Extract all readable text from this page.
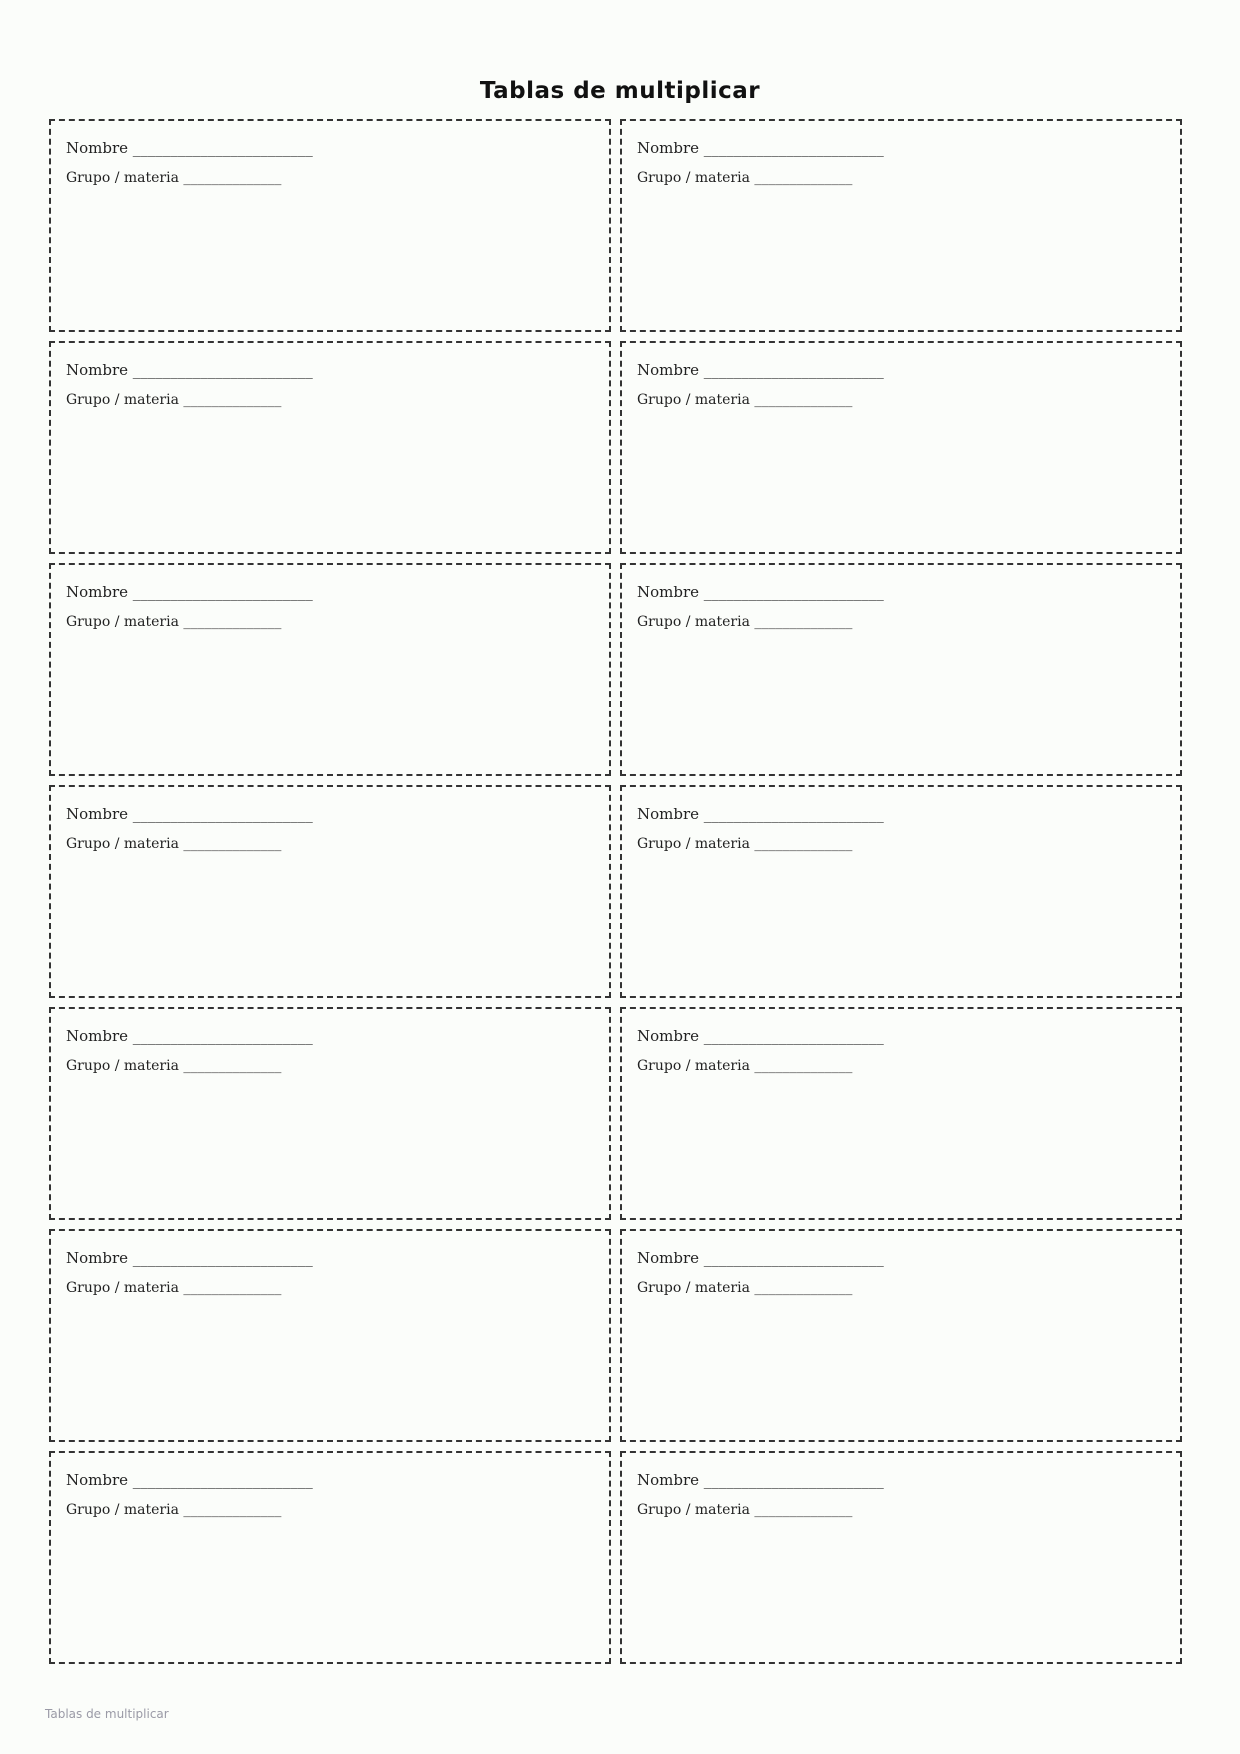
Tablas de multiplicar

Nombre ________________________

Grupo / materia ______________

Nombre ________________________

Grupo / materia ______________

Nombre ________________________

Grupo / materia ______________

Nombre ________________________

Grupo / materia ______________

Nombre ________________________

Grupo / materia ______________

Nombre ________________________

Grupo / materia ______________

Nombre ________________________

Grupo / materia ______________

Nombre ________________________

Grupo / materia ______________

Nombre ________________________

Grupo / materia ______________

Nombre ________________________

Grupo / materia ______________

Nombre ________________________

Grupo / materia ______________

Nombre ________________________

Grupo / materia ______________

Nombre ________________________

Grupo / materia ______________

Nombre ________________________

Grupo / materia ______________

Tablas de multiplicar
